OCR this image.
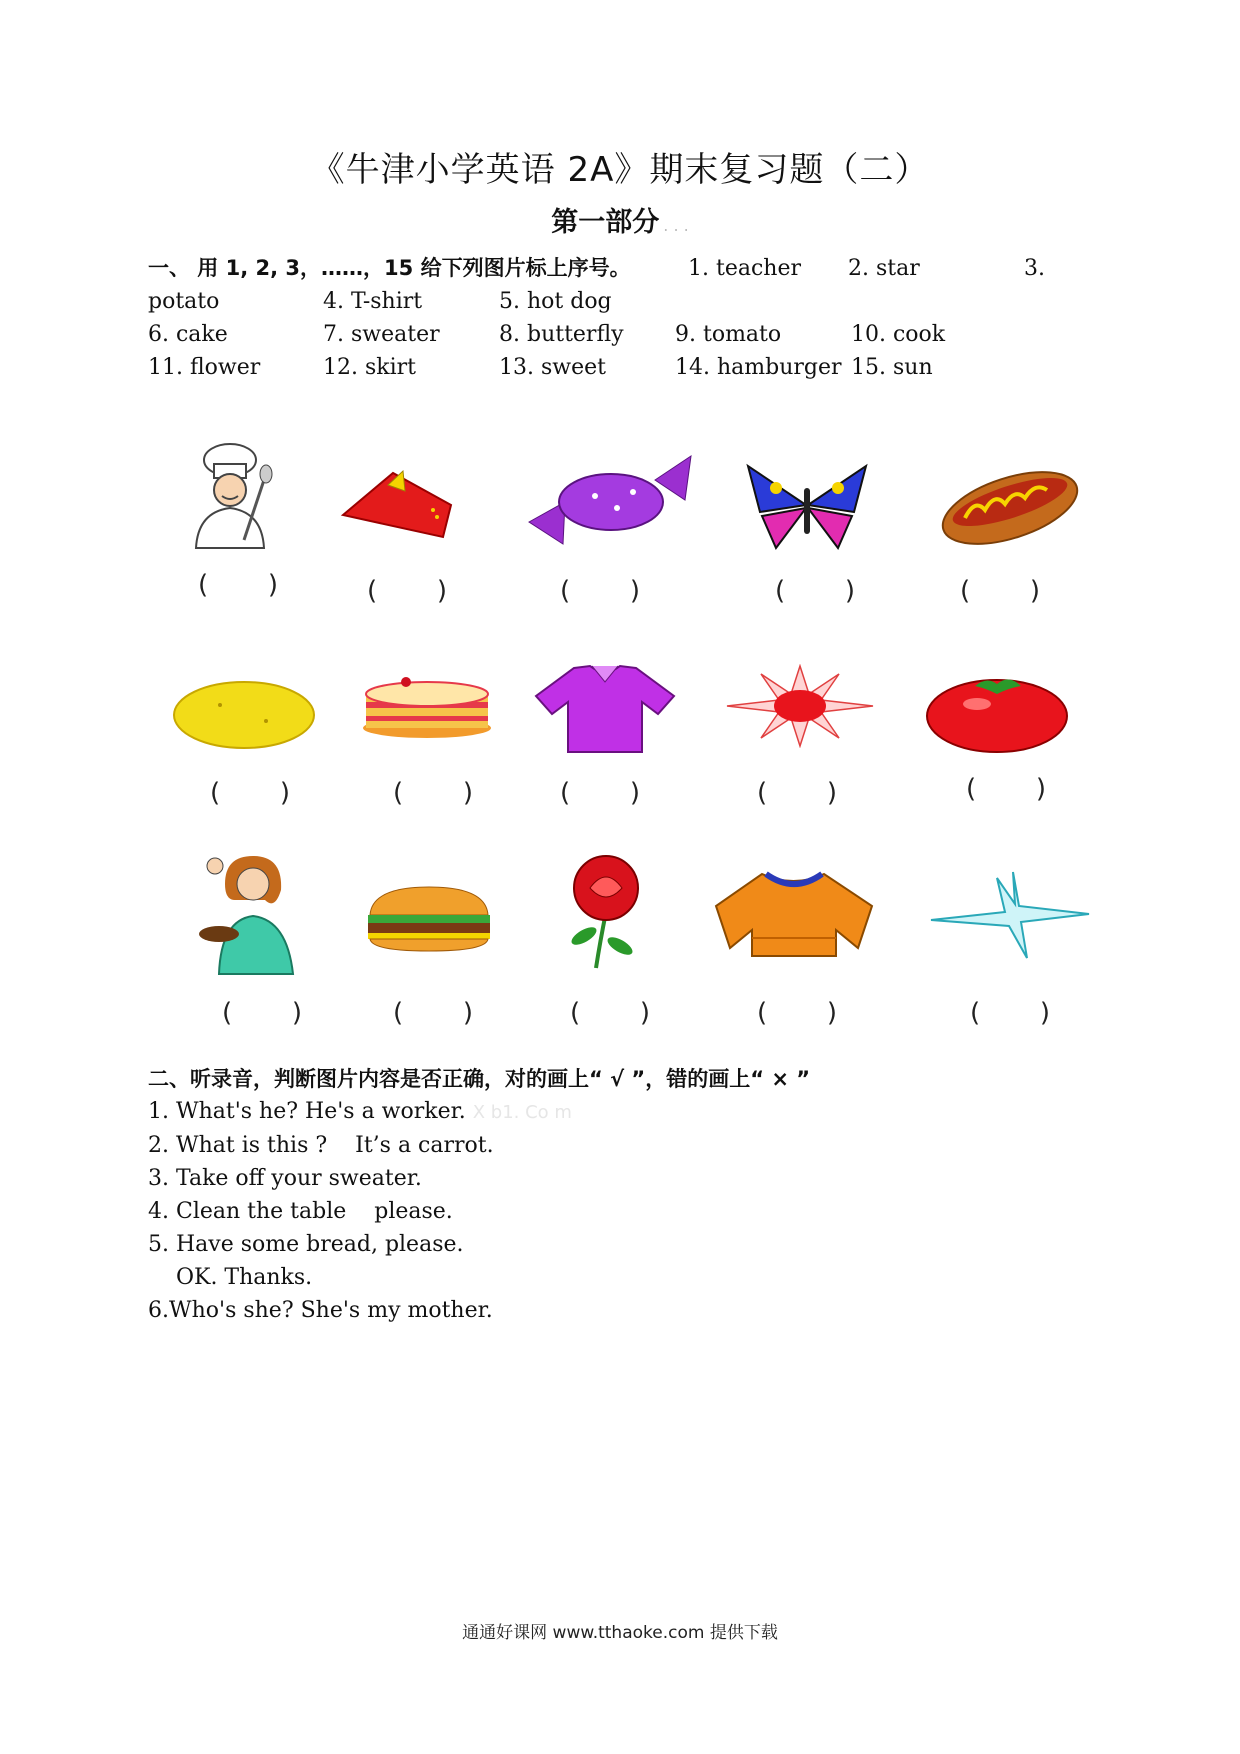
《牛津小学英语 2A》期末复习题（二）
第一部分 . . .
一、 用 1, 2, 3，……，15 给下列图片标上序号。	1. teacher 2. star	3.
potato	4. T-shirt	5. hot dog
6. cake	7. sweater	8. butterfly 9. tomato	10. cook
11. flower	12. skirt	13. sweet	14. hamburger 15. sun
( )	( )	( )	( )	( )
( )	( )	( )	( )	( )
( )	( )	( )	( )	( )
二、听录音，判断图片内容是否正确，对的画上“ √ ”，错的画上“ × ”
1. What's he? He's a worker. X b1. Co m
2. What is this ?    It’s a carrot.
3. Take off your sweater.
4. Clean the table    please.
5. Have some bread, please.
OK. Thanks.
6.Who's she? She's my mother.
通通好课网 www.tthaoke.com 提供下载
